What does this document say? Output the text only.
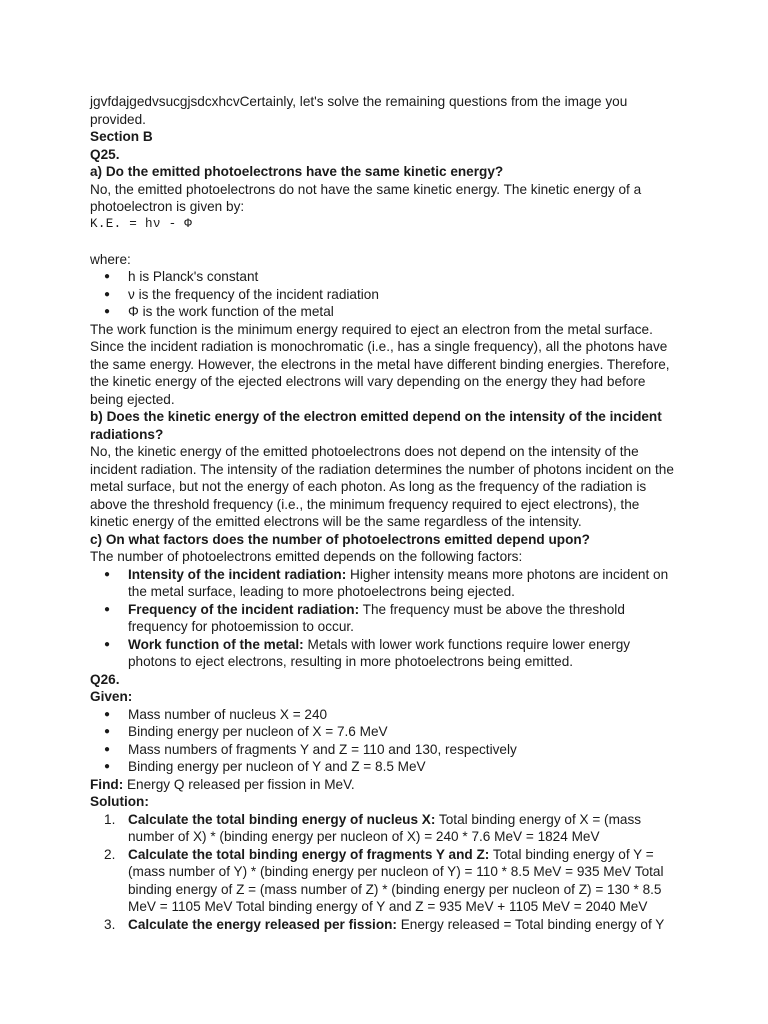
jgvfdajgedvsucgjsdcxhcvCertainly, let's solve the remaining questions from the image you provided.

Section B

Q25.

a) Do the emitted photoelectrons have the same kinetic energy?

No, the emitted photoelectrons do not have the same kinetic energy. The kinetic energy of a photoelectron is given by:

K.E. = hν - Φ

where:

● h is Planck's constant
● ν is the frequency of the incident radiation
● Φ is the work function of the metal

The work function is the minimum energy required to eject an electron from the metal surface. Since the incident radiation is monochromatic (i.e., has a single frequency), all the photons have the same energy. However, the electrons in the metal have different binding energies. Therefore, the kinetic energy of the ejected electrons will vary depending on the energy they had before being ejected.

b) Does the kinetic energy of the electron emitted depend on the intensity of the incident radiations?

No, the kinetic energy of the emitted photoelectrons does not depend on the intensity of the incident radiation. The intensity of the radiation determines the number of photons incident on the metal surface, but not the energy of each photon. As long as the frequency of the radiation is above the threshold frequency (i.e., the minimum frequency required to eject electrons), the kinetic energy of the emitted electrons will be the same regardless of the intensity.

c) On what factors does the number of photoelectrons emitted depend upon?

The number of photoelectrons emitted depends on the following factors:

● Intensity of the incident radiation: Higher intensity means more photons are incident on the metal surface, leading to more photoelectrons being ejected.
● Frequency of the incident radiation: The frequency must be above the threshold frequency for photoemission to occur.
● Work function of the metal: Metals with lower work functions require lower energy photons to eject electrons, resulting in more photoelectrons being emitted.

Q26.

Given:

● Mass number of nucleus X = 240
● Binding energy per nucleon of X = 7.6 MeV
● Mass numbers of fragments Y and Z = 110 and 130, respectively
● Binding energy per nucleon of Y and Z = 8.5 MeV

Find: Energy Q released per fission in MeV.

Solution:

Calculate the total binding energy of nucleus X: Total binding energy of X = (mass number of X) * (binding energy per nucleon of X) = 240 * 7.6 MeV = 1824 MeV
Calculate the total binding energy of fragments Y and Z: Total binding energy of Y = (mass number of Y) * (binding energy per nucleon of Y) = 110 * 8.5 MeV = 935 MeV Total binding energy of Z = (mass number of Z) * (binding energy per nucleon of Z) = 130 * 8.5 MeV = 1105 MeV Total binding energy of Y and Z = 935 MeV + 1105 MeV = 2040 MeV
Calculate the energy released per fission: Energy released = Total binding energy of Y
